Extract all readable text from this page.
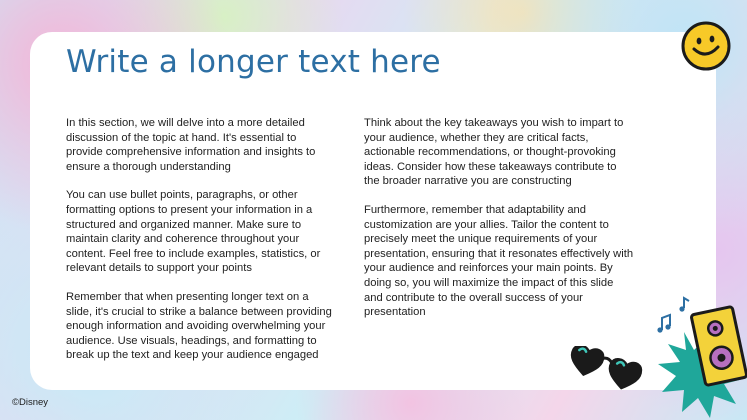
Write a longer text here

In this section, we will delve into a more detailed discussion of the topic at hand. It's essential to provide comprehensive information and insights to ensure a thorough understanding

You can use bullet points, paragraphs, or other formatting options to present your information in a structured and organized manner. Make sure to maintain clarity and coherence throughout your content. Feel free to include examples, statistics, or relevant details to support your points

Remember that when presenting longer text on a slide, it's crucial to strike a balance between providing enough information and avoiding overwhelming your audience. Use visuals, headings, and formatting to break up the text and keep your audience engaged

Think about the key takeaways you wish to impart to your audience, whether they are critical facts, actionable recommendations, or thought-provoking ideas. Consider how these takeaways contribute to the broader narrative you are constructing

Furthermore, remember that adaptability and customization are your allies. Tailor the content to precisely meet the unique requirements of your presentation, ensuring that it resonates effectively with your audience and reinforces your main points. By doing so, you will maximize the impact of this slide and contribute to the overall success of your presentation

©Disney
